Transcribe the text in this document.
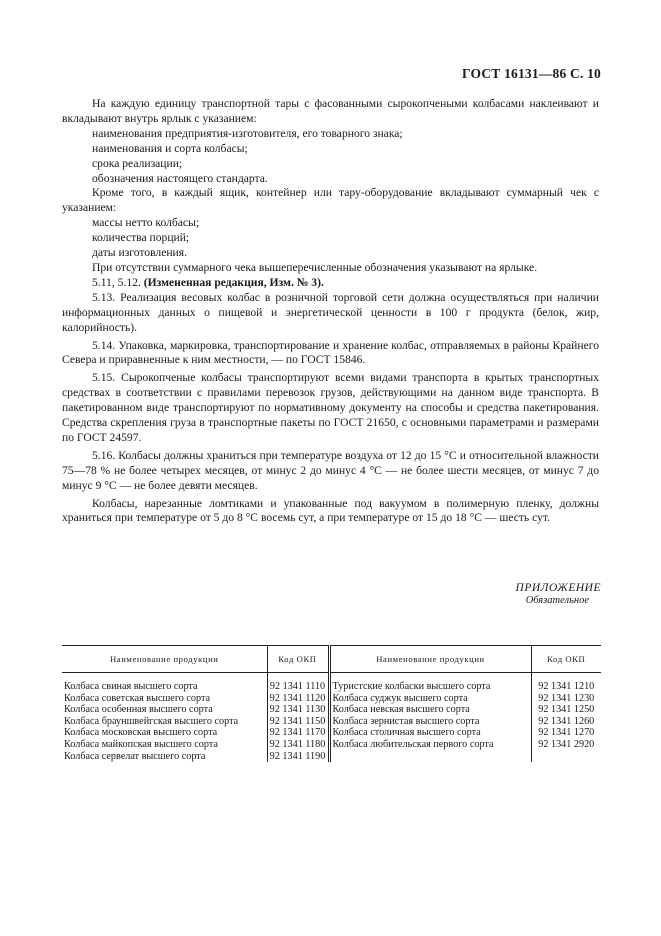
ГОСТ 16131—86 С. 10

На каждую единицу транспортной тары с фасованными сырокопчеными колбасами наклеивают и вкладывают внутрь ярлык с указанием:

наименования предприятия-изготовителя, его товарного знака;

наименования и сорта колбасы;

срока реализации;

обозначения настоящего стандарта.

Кроме того, в каждый ящик, контейнер или тару-оборудование вкладывают суммарный чек с указанием:

массы нетто колбасы;

количества порций;

даты изготовления.

При отсутствии суммарного чека вышеперечисленные обозначения указывают на ярлыке.

5.11, 5.12. (Измененная редакция, Изм. № 3).

5.13. Реализация весовых колбас в розничной торговой сети должна осуществляться при наличии информационных данных о пищевой и энергетической ценности в 100 г продукта (белок, жир, калорийность).

5.14. Упаковка, маркировка, транспортирование и хранение колбас, отправляемых в районы Крайнего Севера и приравненные к ним местности, — по ГОСТ 15846.

5.15. Сырокопченые колбасы транспортируют всеми видами транспорта в крытых транспортных средствах в соответствии с правилами перевозок грузов, действующими на данном виде транспорта. В пакетированном виде транспортируют по нормативному документу на способы и средства пакетирования. Средства скрепления груза в транспортные пакеты по ГОСТ 21650, с основными параметрами и размерами по ГОСТ 24597.

5.16. Колбасы должны храниться при температуре воздуха от 12 до 15 °С и относительной влажности 75—78 % не более четырех месяцев, от минус 2 до минус 4 °С — не более шести месяцев, от минус 7 до минус 9 °С — не более девяти месяцев.

Колбасы, нарезанные ломтиками и упакованные под вакуумом в полимерную пленку, должны храниться при температуре от 5 до 8 °С восемь сут, а при температуре от 15 до 18 °С — шесть сут.

ПРИЛОЖЕНИЕ
Обязательное
Наименование продукции	Код ОКП	Наименование продукции	Код ОКП
Колбаса свиная высшего сорта	92 1341 1110	Туристские колбаски высшего сорта	92 1341 1210
Колбаса советская высшего сорта	92 1341 1120	Колбаса суджук высшего сорта	92 1341 1230
Колбаса особенная высшего сорта	92 1341 1130	Колбаса невская высшего сорта	92 1341 1250
Колбаса брауншвейгская высшего сорта	92 1341 1150	Колбаса зернистая высшего сорта	92 1341 1260
Колбаса московская высшего сорта	92 1341 1170	Колбаса столичная высшего сорта	92 1341 1270
Колбаса майкопская высшего сорта	92 1341 1180	Колбаса любительская первого сорта	92 1341 2920
Колбаса сервелат высшего сорта	92 1341 1190		
